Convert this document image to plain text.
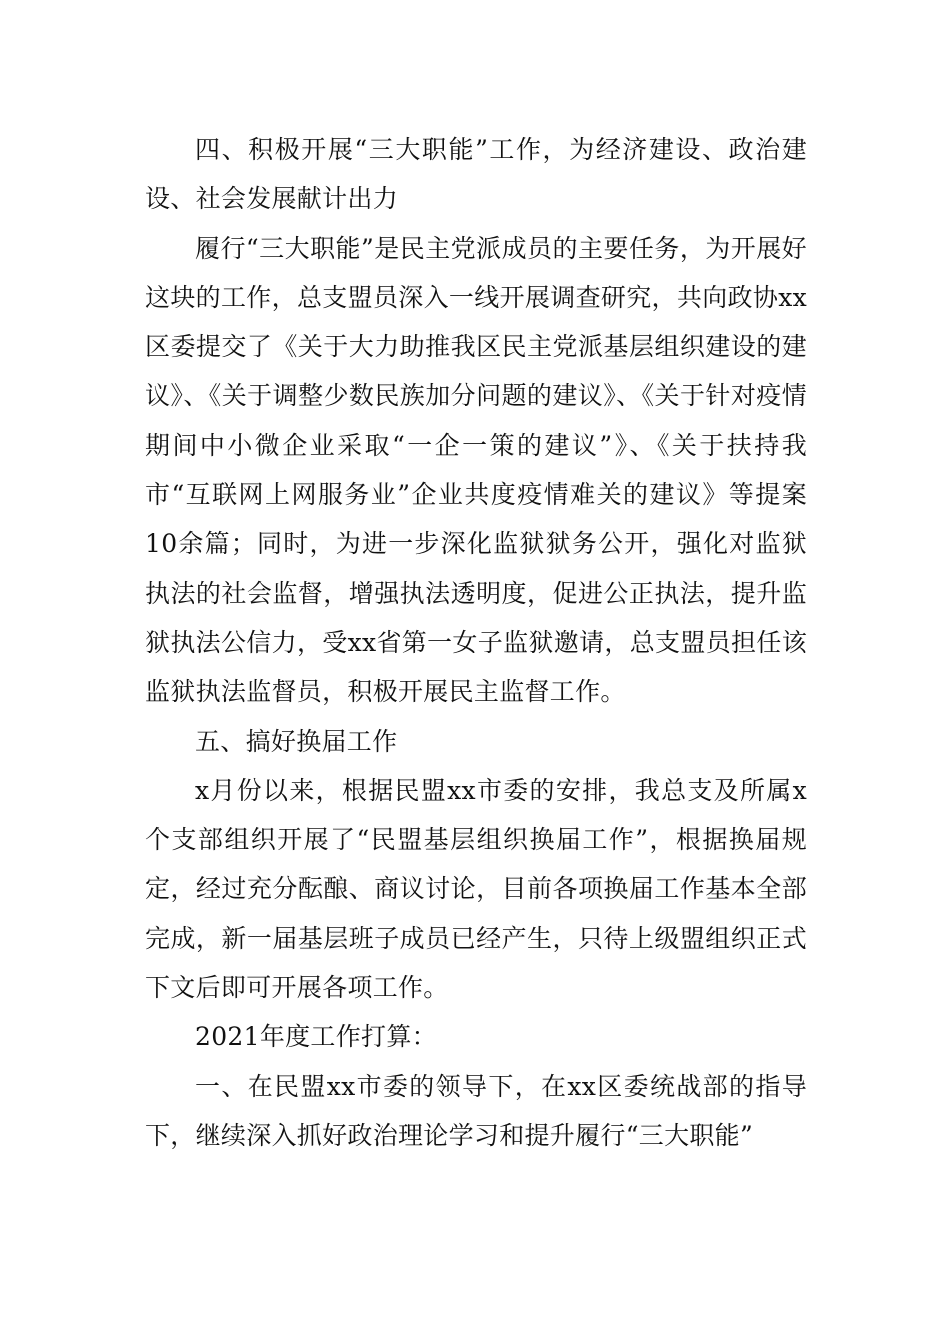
四、积极开展“三大职能”工作，为经济建设、政治建设、社会发展献计出力

履行“三大职能”是民主党派成员的主要任务，为开展好这块的工作，总支盟员深入一线开展调查研究，共向政协xx区委提交了《关于大力助推我区民主党派基层组织建设的建议》、《关于调整少数民族加分问题的建议》、《关于针对疫情期间中小微企业采取“一企一策的建议”》、《关于扶持我市“互联网上网服务业”企业共度疫情难关的建议》等提案10余篇；同时，为进一步深化监狱狱务公开，强化对监狱执法的社会监督，增强执法透明度，促进公正执法，提升监狱执法公信力，受xx省第一女子监狱邀请，总支盟员担任该监狱执法监督员，积极开展民主监督工作。

五、搞好换届工作

x月份以来，根据民盟xx市委的安排，我总支及所属x个支部组织开展了“民盟基层组织换届工作”，根据换届规定，经过充分酝酿、商议讨论，目前各项换届工作基本全部完成，新一届基层班子成员已经产生，只待上级盟组织正式下文后即可开展各项工作。

2021年度工作打算：

一、在民盟xx市委的领导下，在xx区委统战部的指导下，继续深入抓好政治理论学习和提升履行“三大职能”
